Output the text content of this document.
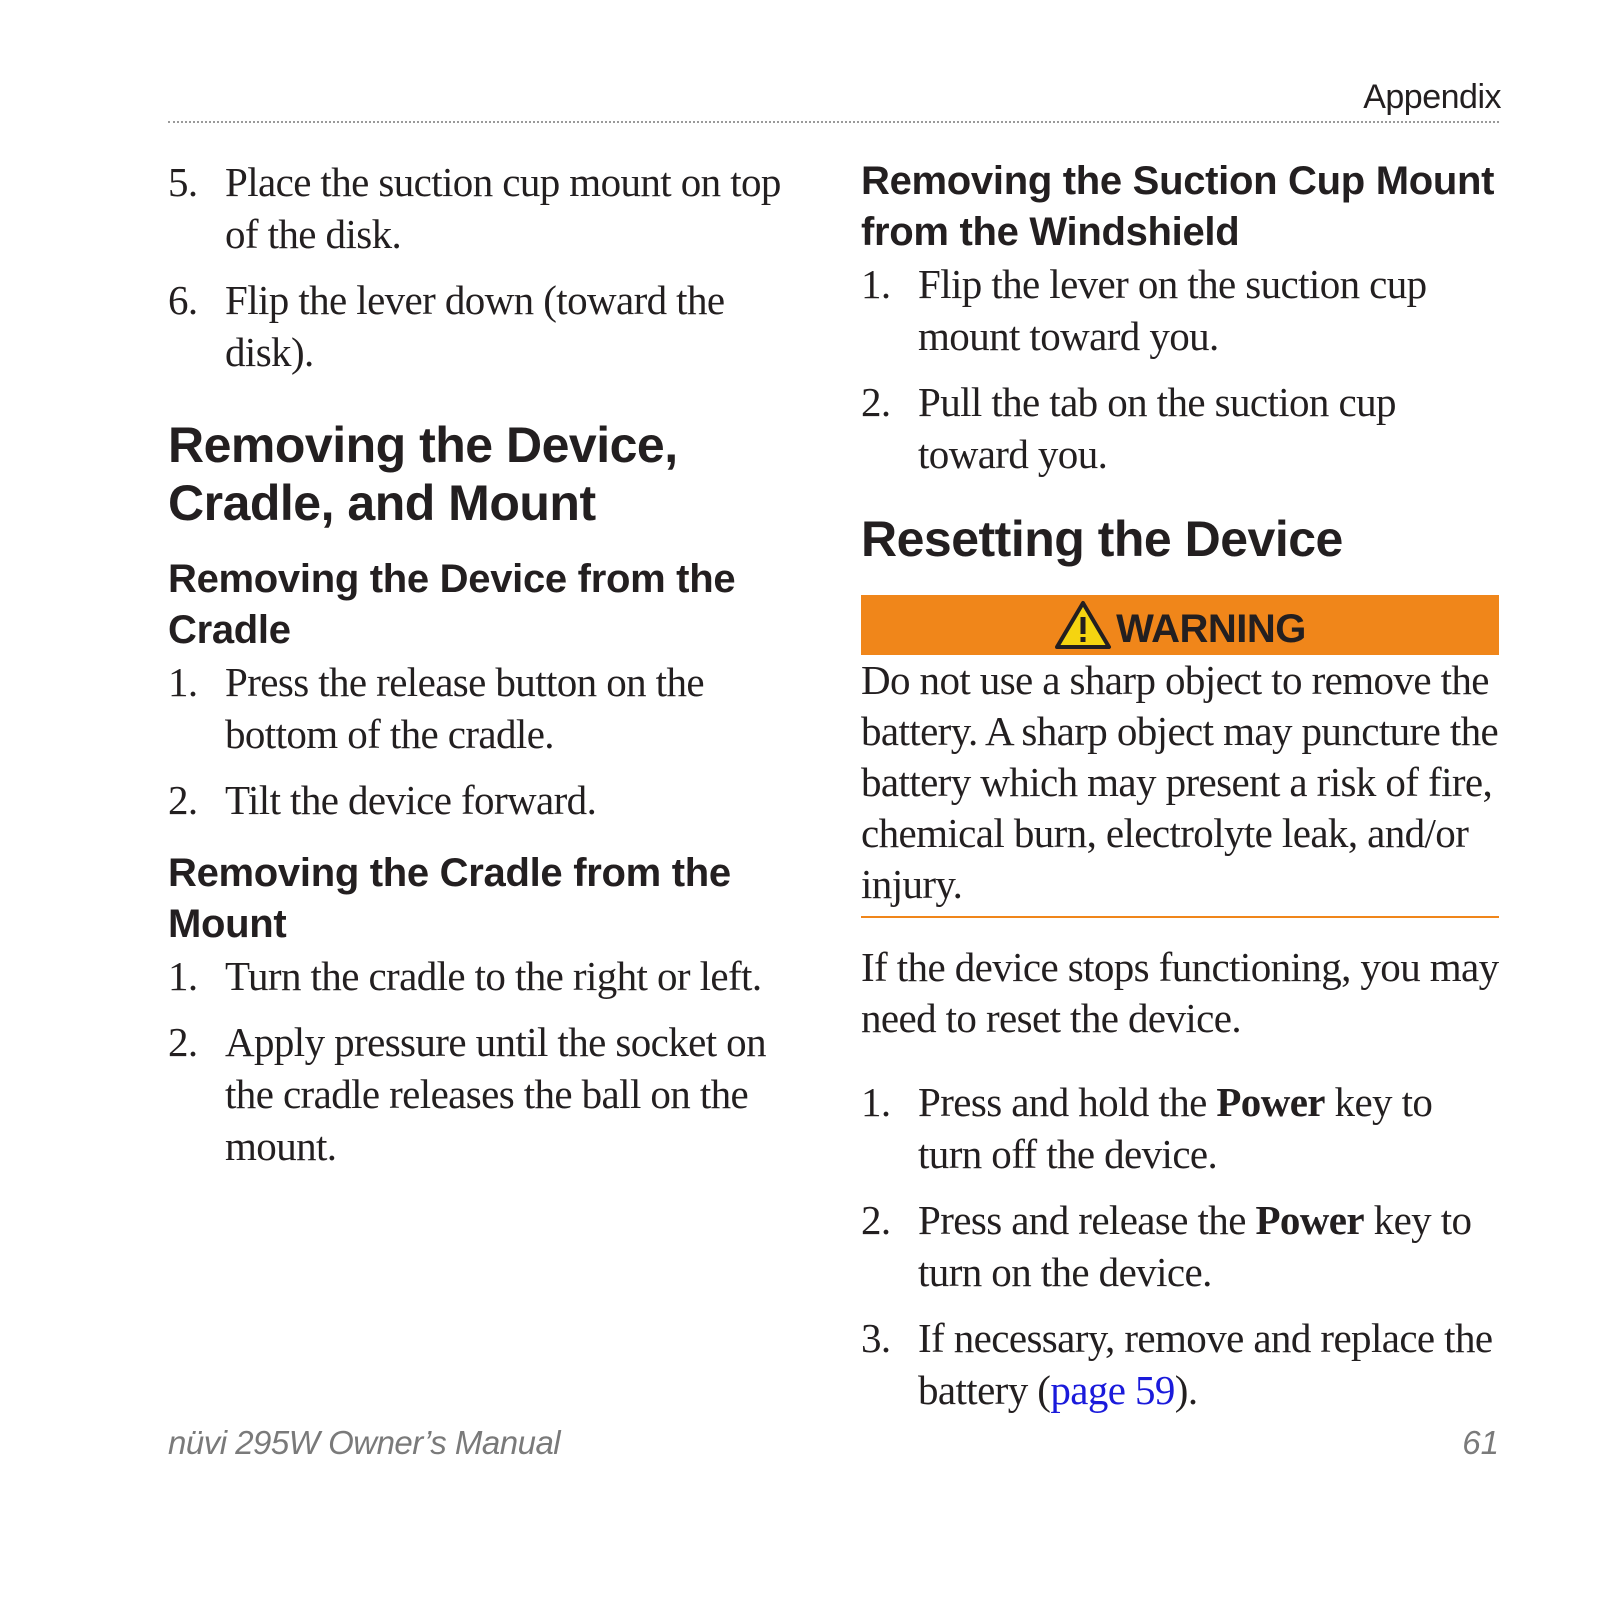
Appendix
5. Place the suction cup mount on top of the disk.
6. Flip the lever down (toward the disk).
Removing the Device, Cradle, and Mount
Removing the Device from the Cradle
1. Press the release button on the bottom of the cradle.
2. Tilt the device forward.
Removing the Cradle from the Mount
1. Turn the cradle to the right or left.
2. Apply pressure until the socket on the cradle releases the ball on the mount.
Removing the Suction Cup Mount from the Windshield
1. Flip the lever on the suction cup mount toward you.
2. Pull the tab on the suction cup toward you.
Resetting the Device
WARNING
Do not use a sharp object to remove the battery. A sharp object may puncture the battery which may present a risk of fire, chemical burn, electrolyte leak, and/or injury.
If the device stops functioning, you may need to reset the device.
1. Press and hold the Power key to turn off the device.
2. Press and release the Power key to turn on the device.
3. If necessary, remove and replace the battery (page 59).
nüvi 295W Owner’s Manual	61
